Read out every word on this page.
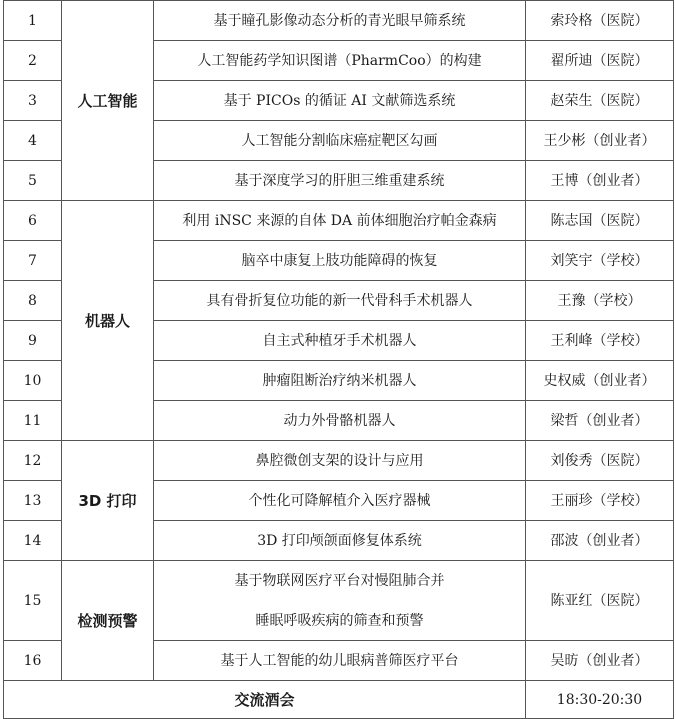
1	人工智能	基于瞳孔影像动态分析的青光眼早筛系统	索玲格（医院）
2		人工智能药学知识图谱（PharmCoo）的构建	翟所迪（医院）
3		基于 PICOs 的循证 AI 文献筛选系统	赵荣生（医院）
4		人工智能分割临床癌症靶区勾画	王少彬（创业者）
5		基于深度学习的肝胆三维重建系统	王博（创业者）
6	机器人	利用 iNSC 来源的自体 DA 前体细胞治疗帕金森病	陈志国（医院）
7		脑卒中康复上肢功能障碍的恢复	刘笑宇（学校）
8		具有骨折复位功能的新一代骨科手术机器人	王豫（学校）
9		自主式种植牙手术机器人	王利峰（学校）
10		肿瘤阻断治疗纳米机器人	史权威（创业者）
11		动力外骨骼机器人	梁哲（创业者）
12	3D 打印	鼻腔微创支架的设计与应用	刘俊秀（医院）
13		个性化可降解植介入医疗器械	王丽珍（学校）
14		3D 打印颅颌面修复体系统	邵波（创业者）
15	检测预警	基于物联网医疗平台对慢阻肺合并
睡眠呼吸疾病的筛查和预警	陈亚红（医院）
16		基于人工智能的幼儿眼病普筛医疗平台	吴昉（创业者）
交流酒会			18:30-20:30
